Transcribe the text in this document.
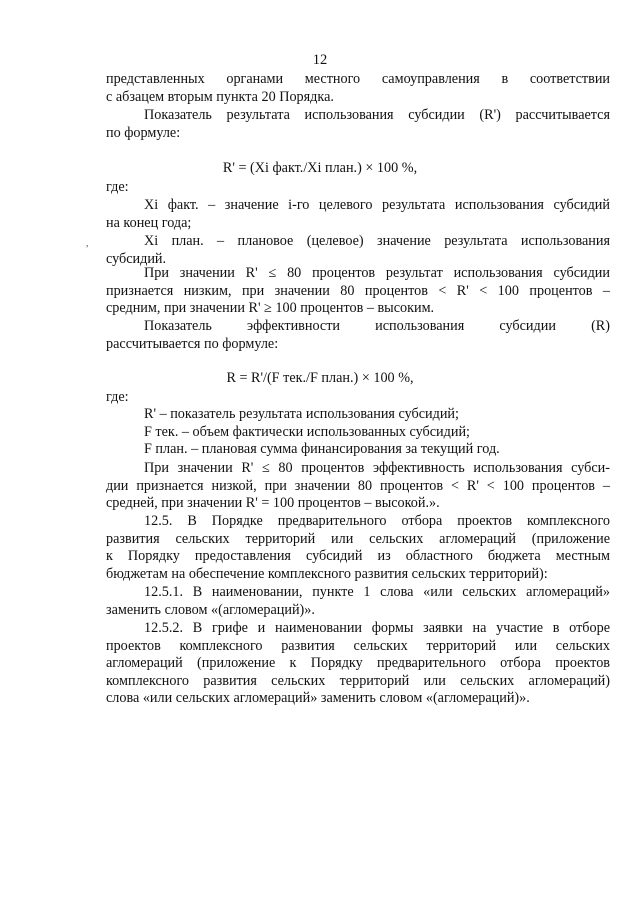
12
представленных органами местного самоуправления в соответствии
с абзацем вторым пункта 20 Порядка.
Показатель результата использования субсидии (R') рассчитывается
по формуле:
R' = (Xi факт./Xi план.) × 100 %,
где:
Xi факт. – значение i-го целевого результата использования субсидий
на конец года;
,	Xi план. – плановое (целевое) значение результата использования
субсидий.
При значении R' ≤ 80 процентов результат использования субсидии
признается низким, при значении 80 процентов < R' < 100 процентов –
средним, при значении R' ≥ 100 процентов – высоким.
Показатель эффективности использования субсидии (R)
рассчитывается по формуле:
R = R'/(F тек./F план.) × 100 %,
где:
R' – показатель результата использования субсидий;
F тек. – объем фактически использованных субсидий;
F план. – плановая сумма финансирования за текущий год.
При значении R' ≤ 80 процентов эффективность использования субси-
дии признается низкой, при значении 80 процентов < R' < 100 процентов –
средней, при значении R' = 100 процентов – высокой.».
12.5. В Порядке предварительного отбора проектов комплексного
развития сельских территорий или сельских агломераций (приложение
к Порядку предоставления субсидий из областного бюджета местным
бюджетам на обеспечение комплексного развития сельских территорий):
12.5.1. В наименовании, пункте 1 слова «или сельских агломераций»
заменить словом «(агломераций)».
12.5.2. В грифе и наименовании формы заявки на участие в отборе
проектов комплексного развития сельских территорий или сельских
агломераций (приложение к Порядку предварительного отбора проектов
комплексного развития сельских территорий или сельских агломераций)
слова «или сельских агломераций» заменить словом «(агломераций)».
